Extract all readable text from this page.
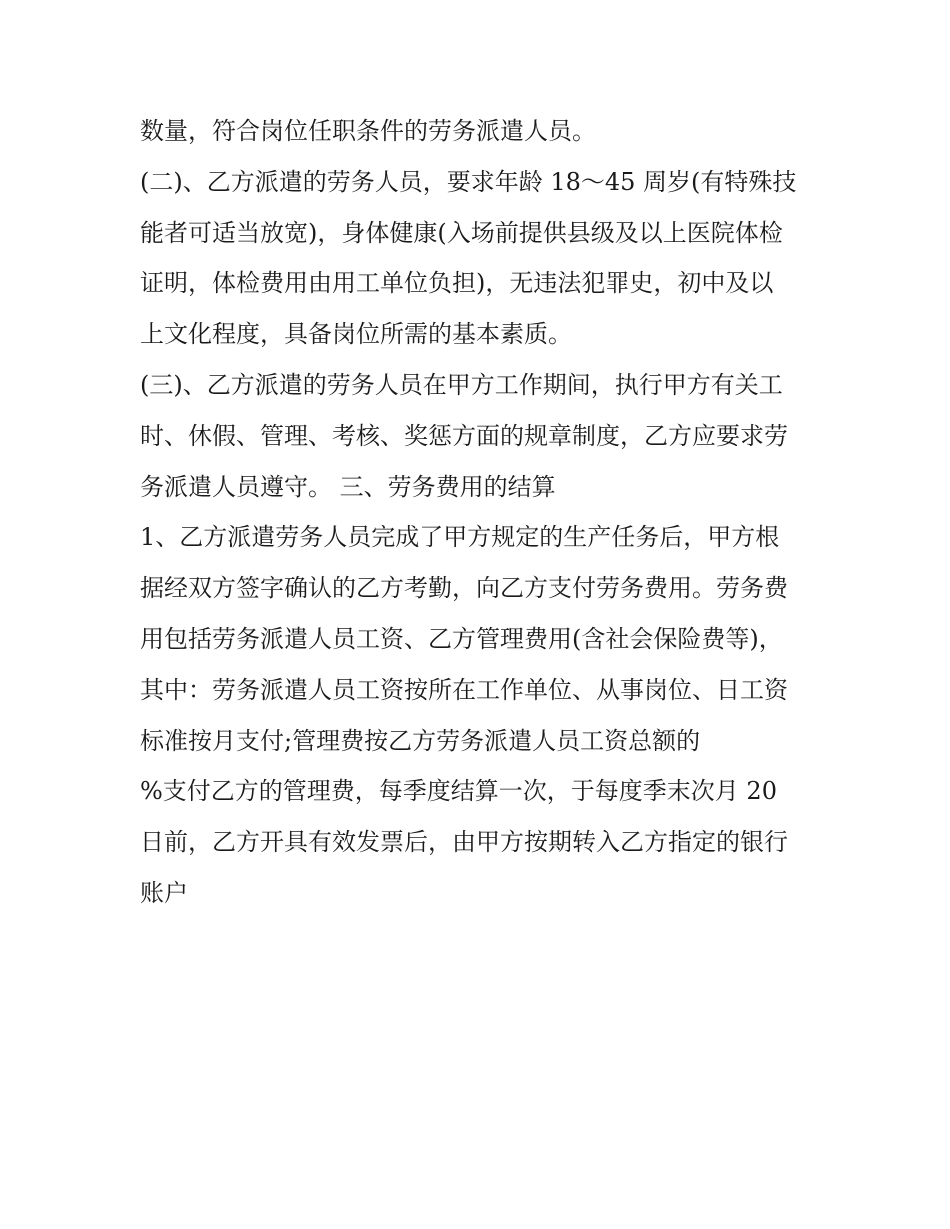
数量，符合岗位任职条件的劳务派遣人员。
(二)、乙方派遣的劳务人员，要求年龄 18～45 周岁(有特殊技
能者可适当放宽)，身体健康(入场前提供县级及以上医院体检
证明，体检费用由用工单位负担)，无违法犯罪史，初中及以
上文化程度，具备岗位所需的基本素质。
(三)、乙方派遣的劳务人员在甲方工作期间，执行甲方有关工
时、休假、管理、考核、奖惩方面的规章制度，乙方应要求劳
务派遣人员遵守。 三、劳务费用的结算
1、乙方派遣劳务人员完成了甲方规定的生产任务后，甲方根
据经双方签字确认的乙方考勤，向乙方支付劳务费用。劳务费
用包括劳务派遣人员工资、乙方管理费用(含社会保险费等)，
其中：劳务派遣人员工资按所在工作单位、从事岗位、日工资
标准按月支付;管理费按乙方劳务派遣人员工资总额的
%支付乙方的管理费，每季度结算一次，于每度季末次月 20
日前，乙方开具有效发票后，由甲方按期转入乙方指定的银行
账户
